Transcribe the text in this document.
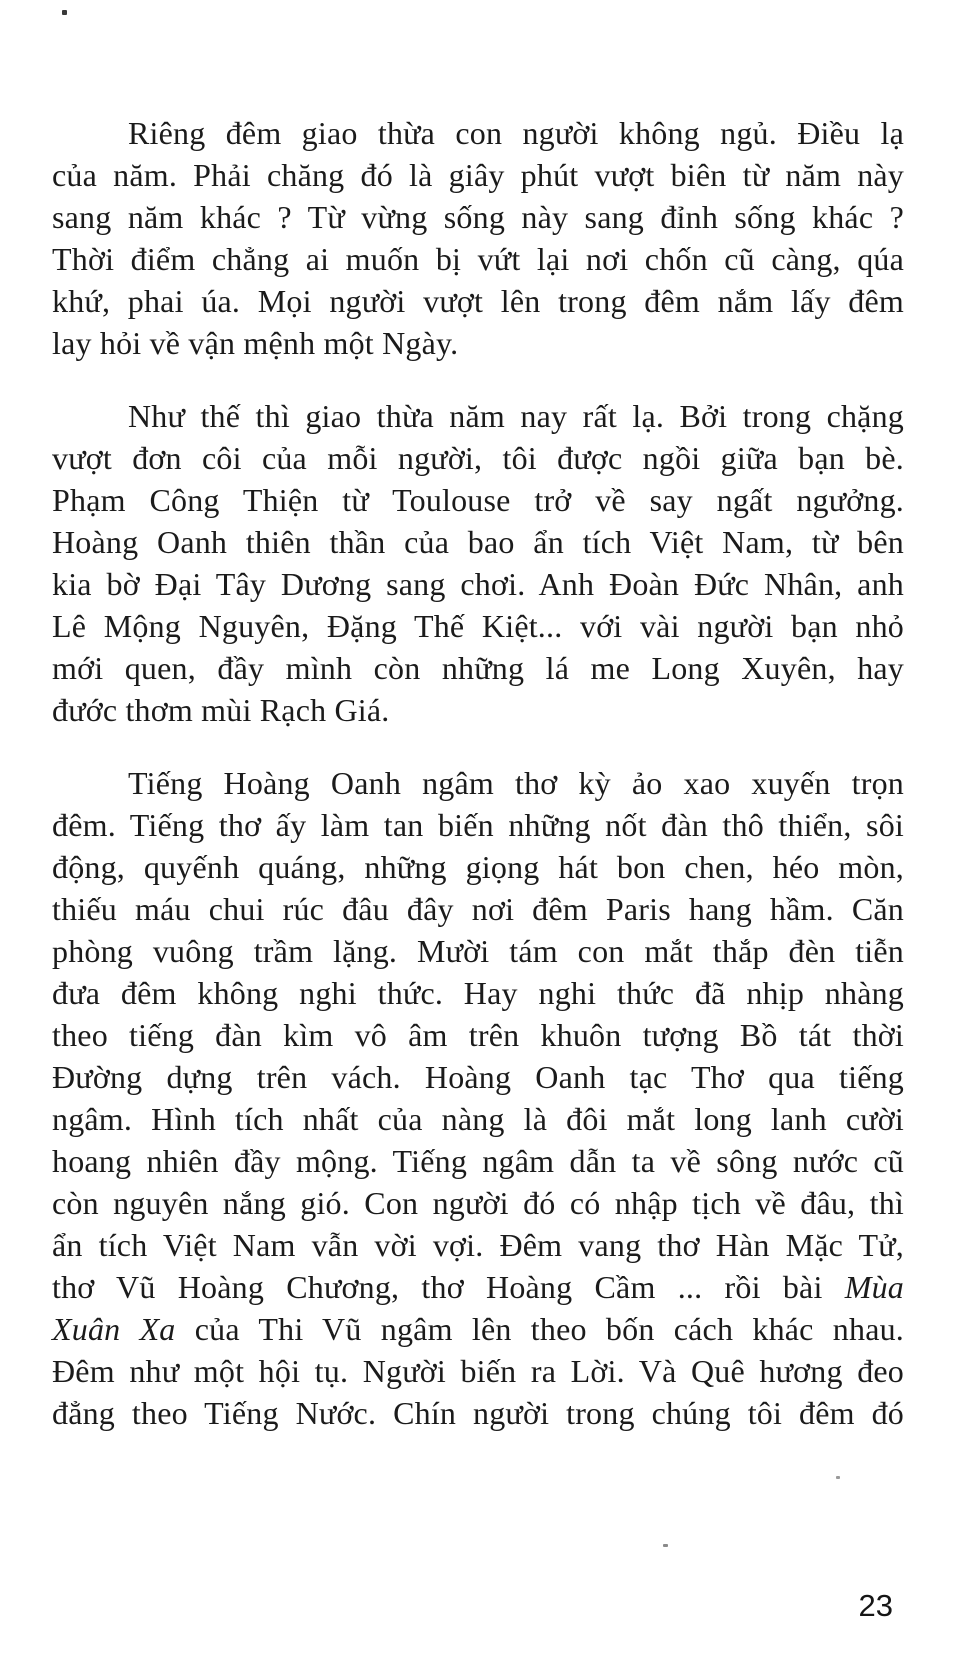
Riêng đêm giao thừa con người không ngủ. Điều lạ
của năm. Phải chăng đó là giây phút vượt biên từ năm này
sang năm khác ? Từ vừng sống này sang đỉnh sống khác ?
Thời điểm chẳng ai muốn bị vứt lại nơi chốn cũ càng, qúa
khứ, phai úa. Mọi người vượt lên trong đêm nắm lấy đêm
lay hỏi về vận mệnh một Ngày.
Như thế thì giao thừa năm nay rất lạ. Bởi trong chặng
vượt đơn côi của mỗi người, tôi được ngồi giữa bạn bè.
Phạm Công Thiện từ Toulouse trở về say ngất ngưởng.
Hoàng Oanh thiên thần của bao ẩn tích Việt Nam, từ bên
kia bờ Đại Tây Dương sang chơi. Anh Đoàn Đức Nhân, anh
Lê Mộng Nguyên, Đặng Thế Kiệt... với vài người bạn nhỏ
mới quen, đầy mình còn những lá me Long Xuyên, hay
đước thơm mùi Rạch Giá.
Tiếng Hoàng Oanh ngâm thơ kỳ ảo xao xuyến trọn
đêm. Tiếng thơ ấy làm tan biến những nốt đàn thô thiển, sôi
động, quyếnh quáng, những giọng hát bon chen, héo mòn,
thiếu máu chui rúc đâu đây nơi đêm Paris hang hầm. Căn
phòng vuông trầm lặng. Mười tám con mắt thắp đèn tiễn
đưa đêm không nghi thức. Hay nghi thức đã nhịp nhàng
theo tiếng đàn kìm vô âm trên khuôn tượng Bồ tát thời
Đường dựng trên vách. Hoàng Oanh tạc Thơ qua tiếng
ngâm. Hình tích nhất của nàng là đôi mắt long lanh cười
hoang nhiên đầy mộng. Tiếng ngâm dẫn ta về sông nước cũ
còn nguyên nắng gió. Con người đó có nhập tịch về đâu, thì
ẩn tích Việt Nam vẫn vời vợi. Đêm vang thơ Hàn Mặc Tử,
thơ Vũ Hoàng Chương, thơ Hoàng Cầm ... rồi bài Mùa
Xuân Xa của Thi Vũ ngâm lên theo bốn cách khác nhau.
Đêm như một hội tụ. Người biến ra Lời. Và Quê hương đeo
đẳng theo Tiếng Nước. Chín người trong chúng tôi đêm đó
23
